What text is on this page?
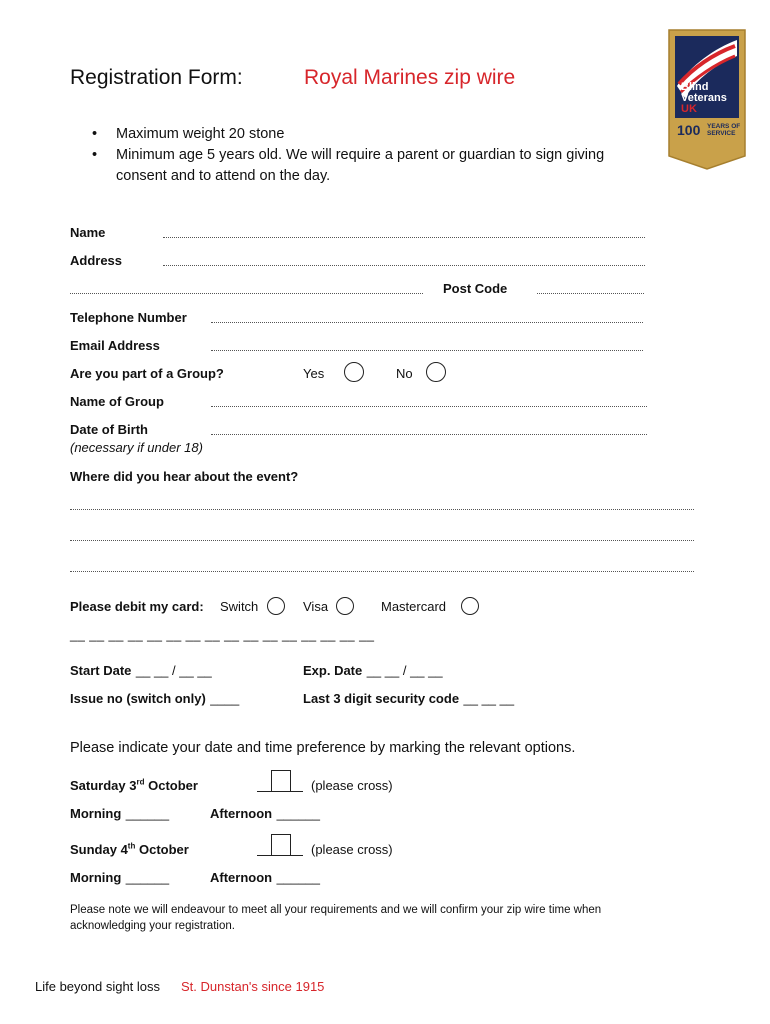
Registration Form:	Royal Marines zip wire	Blind
Veterans
UK
100 YEARS OF
SERVICE
• Maximum weight 20 stone
• Minimum age 5 years old. We will require a parent or guardian to sign giving consent and to attend on the day.
Name
Address
Post Code
Telephone Number
Email Address
Are you part of a Group?	Yes	No
Name of Group
Date of Birth
(necessary if under 18)
Where did you hear about the event?
Please debit my card: Switch	Visa	Mastercard
__ __ __ __ __ __ __ __ __ __ __ __ __ __ __ __
Start Date __ __ / __ __	Exp. Date __ __ / __ __
Issue no (switch only) ____	Last 3 digit security code __ __ __
Please indicate your date and time preference by marking the relevant options.
Saturday 3rd October	(please cross)
Morning ______	Afternoon ______
Sunday 4th October	(please cross)
Morning ______	Afternoon ______
Please note we will endeavour to meet all your requirements and we will confirm your zip wire time when acknowledging your registration.
Life beyond sight loss St. Dunstan's since 1915
